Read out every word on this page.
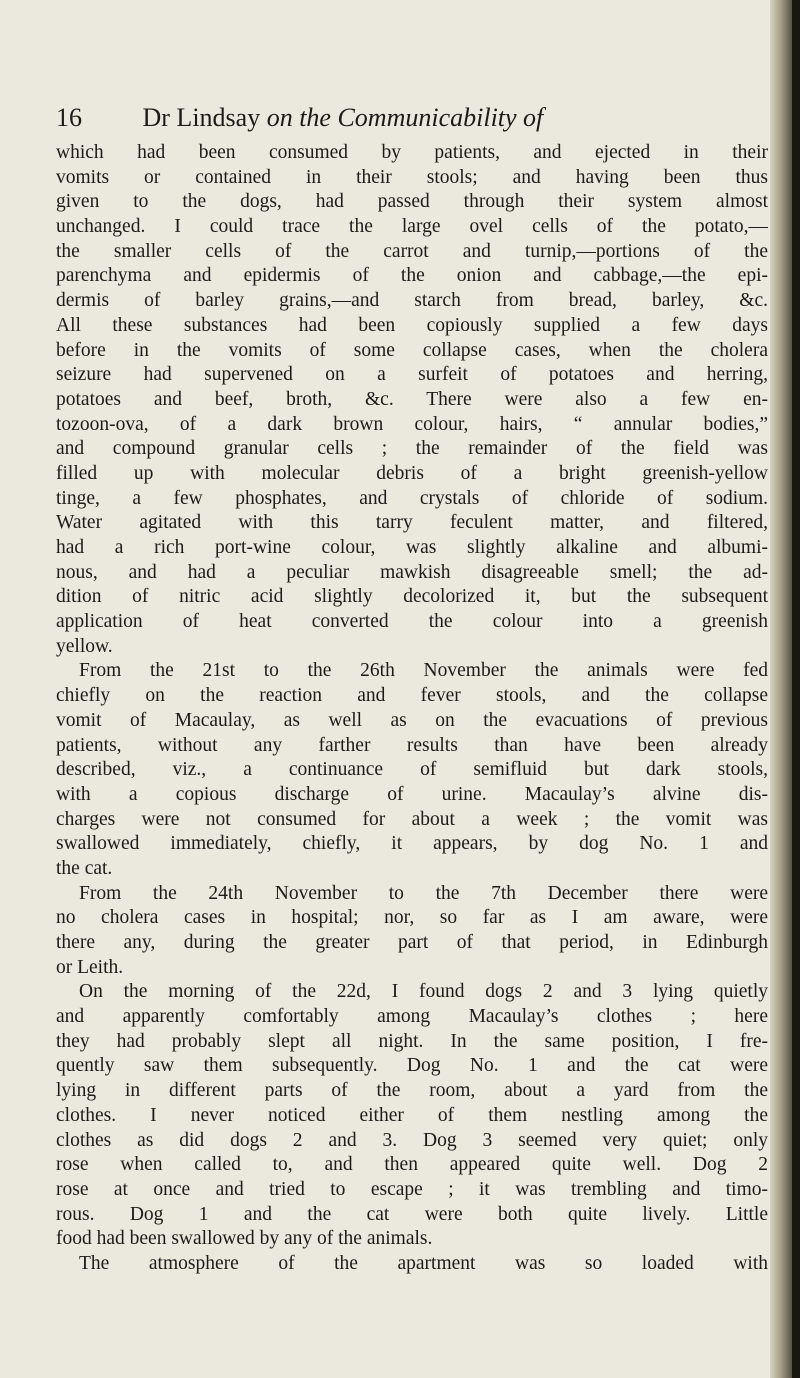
16 Dr Lindsay on the Communicability of
which had been consumed by patients, and ejected in their
vomits or contained in their stools; and having been thus
given to the dogs, had passed through their system almost
unchanged. I could trace the large ovel cells of the potato,—
the smaller cells of the carrot and turnip,—portions of the
parenchyma and epidermis of the onion and cabbage,—the epi-
dermis of barley grains,—and starch from bread, barley, &c.
All these substances had been copiously supplied a few days
before in the vomits of some collapse cases, when the cholera
seizure had supervened on a surfeit of potatoes and herring,
potatoes and beef, broth, &c. There were also a few en-
tozoon-ova, of a dark brown colour, hairs, “ annular bodies,”
and compound granular cells ; the remainder of the field was
filled up with molecular debris of a bright greenish-yellow
tinge, a few phosphates, and crystals of chloride of sodium.
Water agitated with this tarry feculent matter, and filtered,
had a rich port-wine colour, was slightly alkaline and albumi-
nous, and had a peculiar mawkish disagreeable smell; the ad-
dition of nitric acid slightly decolorized it, but the subsequent
application of heat converted the colour into a greenish
yellow.
From the 21st to the 26th November the animals were fed
chiefly on the reaction and fever stools, and the collapse
vomit of Macaulay, as well as on the evacuations of previous
patients, without any farther results than have been already
described, viz., a continuance of semifluid but dark stools,
with a copious discharge of urine. Macaulay’s alvine dis-
charges were not consumed for about a week ; the vomit was
swallowed immediately, chiefly, it appears, by dog No. 1 and
the cat.
From the 24th November to the 7th December there were
no cholera cases in hospital; nor, so far as I am aware, were
there any, during the greater part of that period, in Edinburgh
or Leith.
On the morning of the 22d, I found dogs 2 and 3 lying quietly
and apparently comfortably among Macaulay’s clothes ; here
they had probably slept all night. In the same position, I fre-
quently saw them subsequently. Dog No. 1 and the cat were
lying in different parts of the room, about a yard from the
clothes. I never noticed either of them nestling among the
clothes as did dogs 2 and 3. Dog 3 seemed very quiet; only
rose when called to, and then appeared quite well. Dog 2
rose at once and tried to escape ; it was trembling and timo-
rous. Dog 1 and the cat were both quite lively. Little
food had been swallowed by any of the animals.
The atmosphere of the apartment was so loaded with
